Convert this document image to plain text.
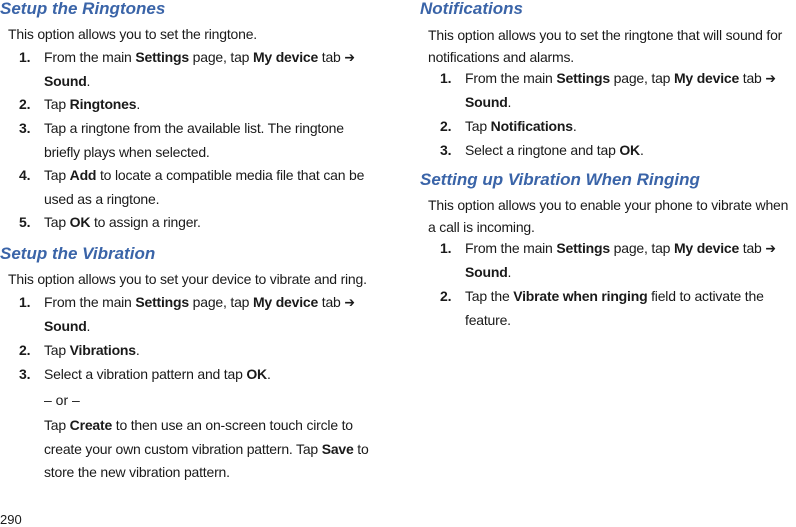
Setup the Ringtones

This option allows you to set the ringtone.

1. From the main Settings page, tap My device tab ➔
Sound.
2. Tap Ringtones.
3. Tap a ringtone from the available list. The ringtone
briefly plays when selected.
4. Tap Add to locate a compatible media file that can be
used as a ringtone.
5. Tap OK to assign a ringer.
Setup the Vibration

This option allows you to set your device to vibrate and ring.

1. From the main Settings page, tap My device tab ➔
Sound.
2. Tap Vibrations.
3. Select a vibration pattern and tap OK.
– or –
Tap Create to then use an on-screen touch circle to
create your own custom vibration pattern. Tap Save to
store the new vibration pattern.
Notifications

This option allows you to set the ringtone that will sound for
notifications and alarms.

1. From the main Settings page, tap My device tab ➔
Sound.
2. Tap Notifications.
3. Select a ringtone and tap OK.
Setting up Vibration When Ringing

This option allows you to enable your phone to vibrate when
a call is incoming.

1. From the main Settings page, tap My device tab ➔
Sound.
2. Tap the Vibrate when ringing field to activate the
feature.
290
